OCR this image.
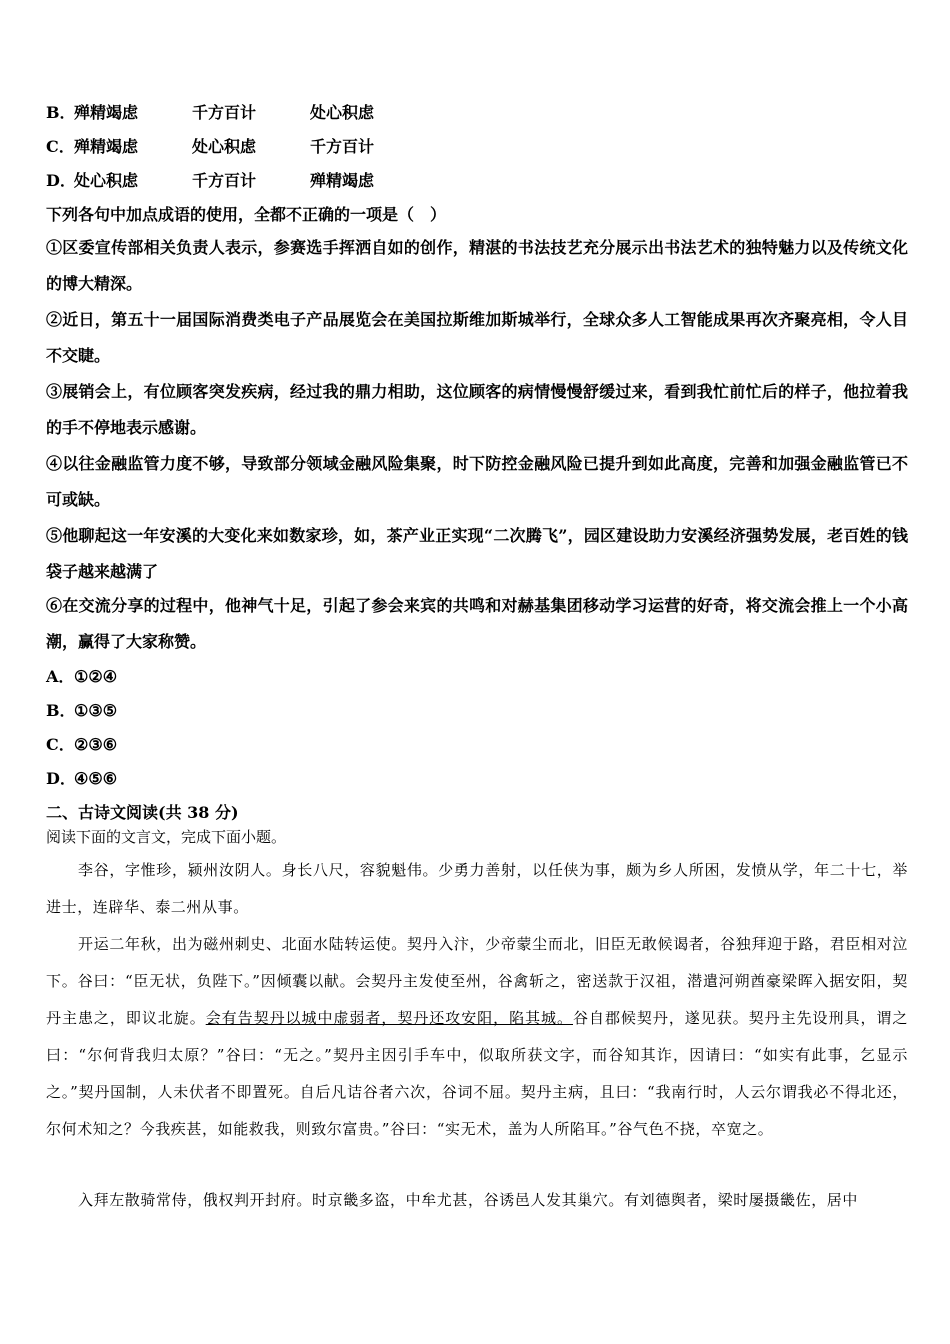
B．殚精竭虑	千方百计	处心积虑
C．殚精竭虑	处心积虑	千方百计
D．处心积虑	千方百计	殚精竭虑
下列各句中加点成语的使用，全都不正确的一项是（　）
①区委宣传部相关负责人表示，参赛选手挥洒自如的创作，精湛的书法技艺充分展示出书法艺术的独特魅力以及传统文化的博大精深。
②近日，第五十一届国际消费类电子产品展览会在美国拉斯维加斯城举行，全球众多人工智能成果再次齐聚亮相，令人目不交睫。
③展销会上，有位顾客突发疾病，经过我的鼎力相助，这位顾客的病情慢慢舒缓过来，看到我忙前忙后的样子，他拉着我的手不停地表示感谢。
④以往金融监管力度不够，导致部分领域金融风险集聚，时下防控金融风险已提升到如此高度，完善和加强金融监管已不可或缺。
⑤他聊起这一年安溪的大变化来如数家珍，如，茶产业正实现“二次腾飞”，园区建设助力安溪经济强势发展，老百姓的钱袋子越来越满了
⑥在交流分享的过程中，他神气十足，引起了参会来宾的共鸣和对赫基集团移动学习运营的好奇，将交流会推上一个小高潮，赢得了大家称赞。
A．①②④
B．①③⑤
C．②③⑥
D．④⑤⑥
二、古诗文阅读(共 38 分)
阅读下面的文言文，完成下面小题。
李谷，字惟珍，颍州汝阴人。身长八尺，容貌魁伟。少勇力善射，以任侠为事，颇为乡人所困，发愤从学，年二十七，举进士，连辟华、泰二州从事。
开运二年秋，出为磁州刺史、北面水陆转运使。契丹入汴，少帝蒙尘而北，旧臣无敢候谒者，谷独拜迎于路，君臣相对泣下。谷曰：“臣无状，负陛下。”因倾囊以献。会契丹主发使至州，谷禽斩之，密送款于汉祖，潜遣河朔酋豪梁晖入据安阳，契丹主患之，即议北旋。会有告契丹以城中虚弱者，契丹还攻安阳，陷其城。谷自郡候契丹，遂见获。契丹主先设刑具，谓之曰：“尔何背我归太原？”谷曰：“无之。”契丹主因引手车中，似取所获文字，而谷知其诈，因请曰：“如实有此事，乞显示之。”契丹国制，人未伏者不即置死。自后凡诘谷者六次，谷词不屈。契丹主病，且曰：“我南行时，人云尔谓我必不得北还，尔何术知之？今我疾甚，如能救我，则致尔富贵。”谷曰：“实无术，盖为人所陷耳。”谷气色不挠，卒宽之。
入拜左散骑常侍，俄权判开封府。时京畿多盗，中牟尤甚，谷诱邑人发其巢穴。有刘德舆者，梁时屡摄畿佐，居中
